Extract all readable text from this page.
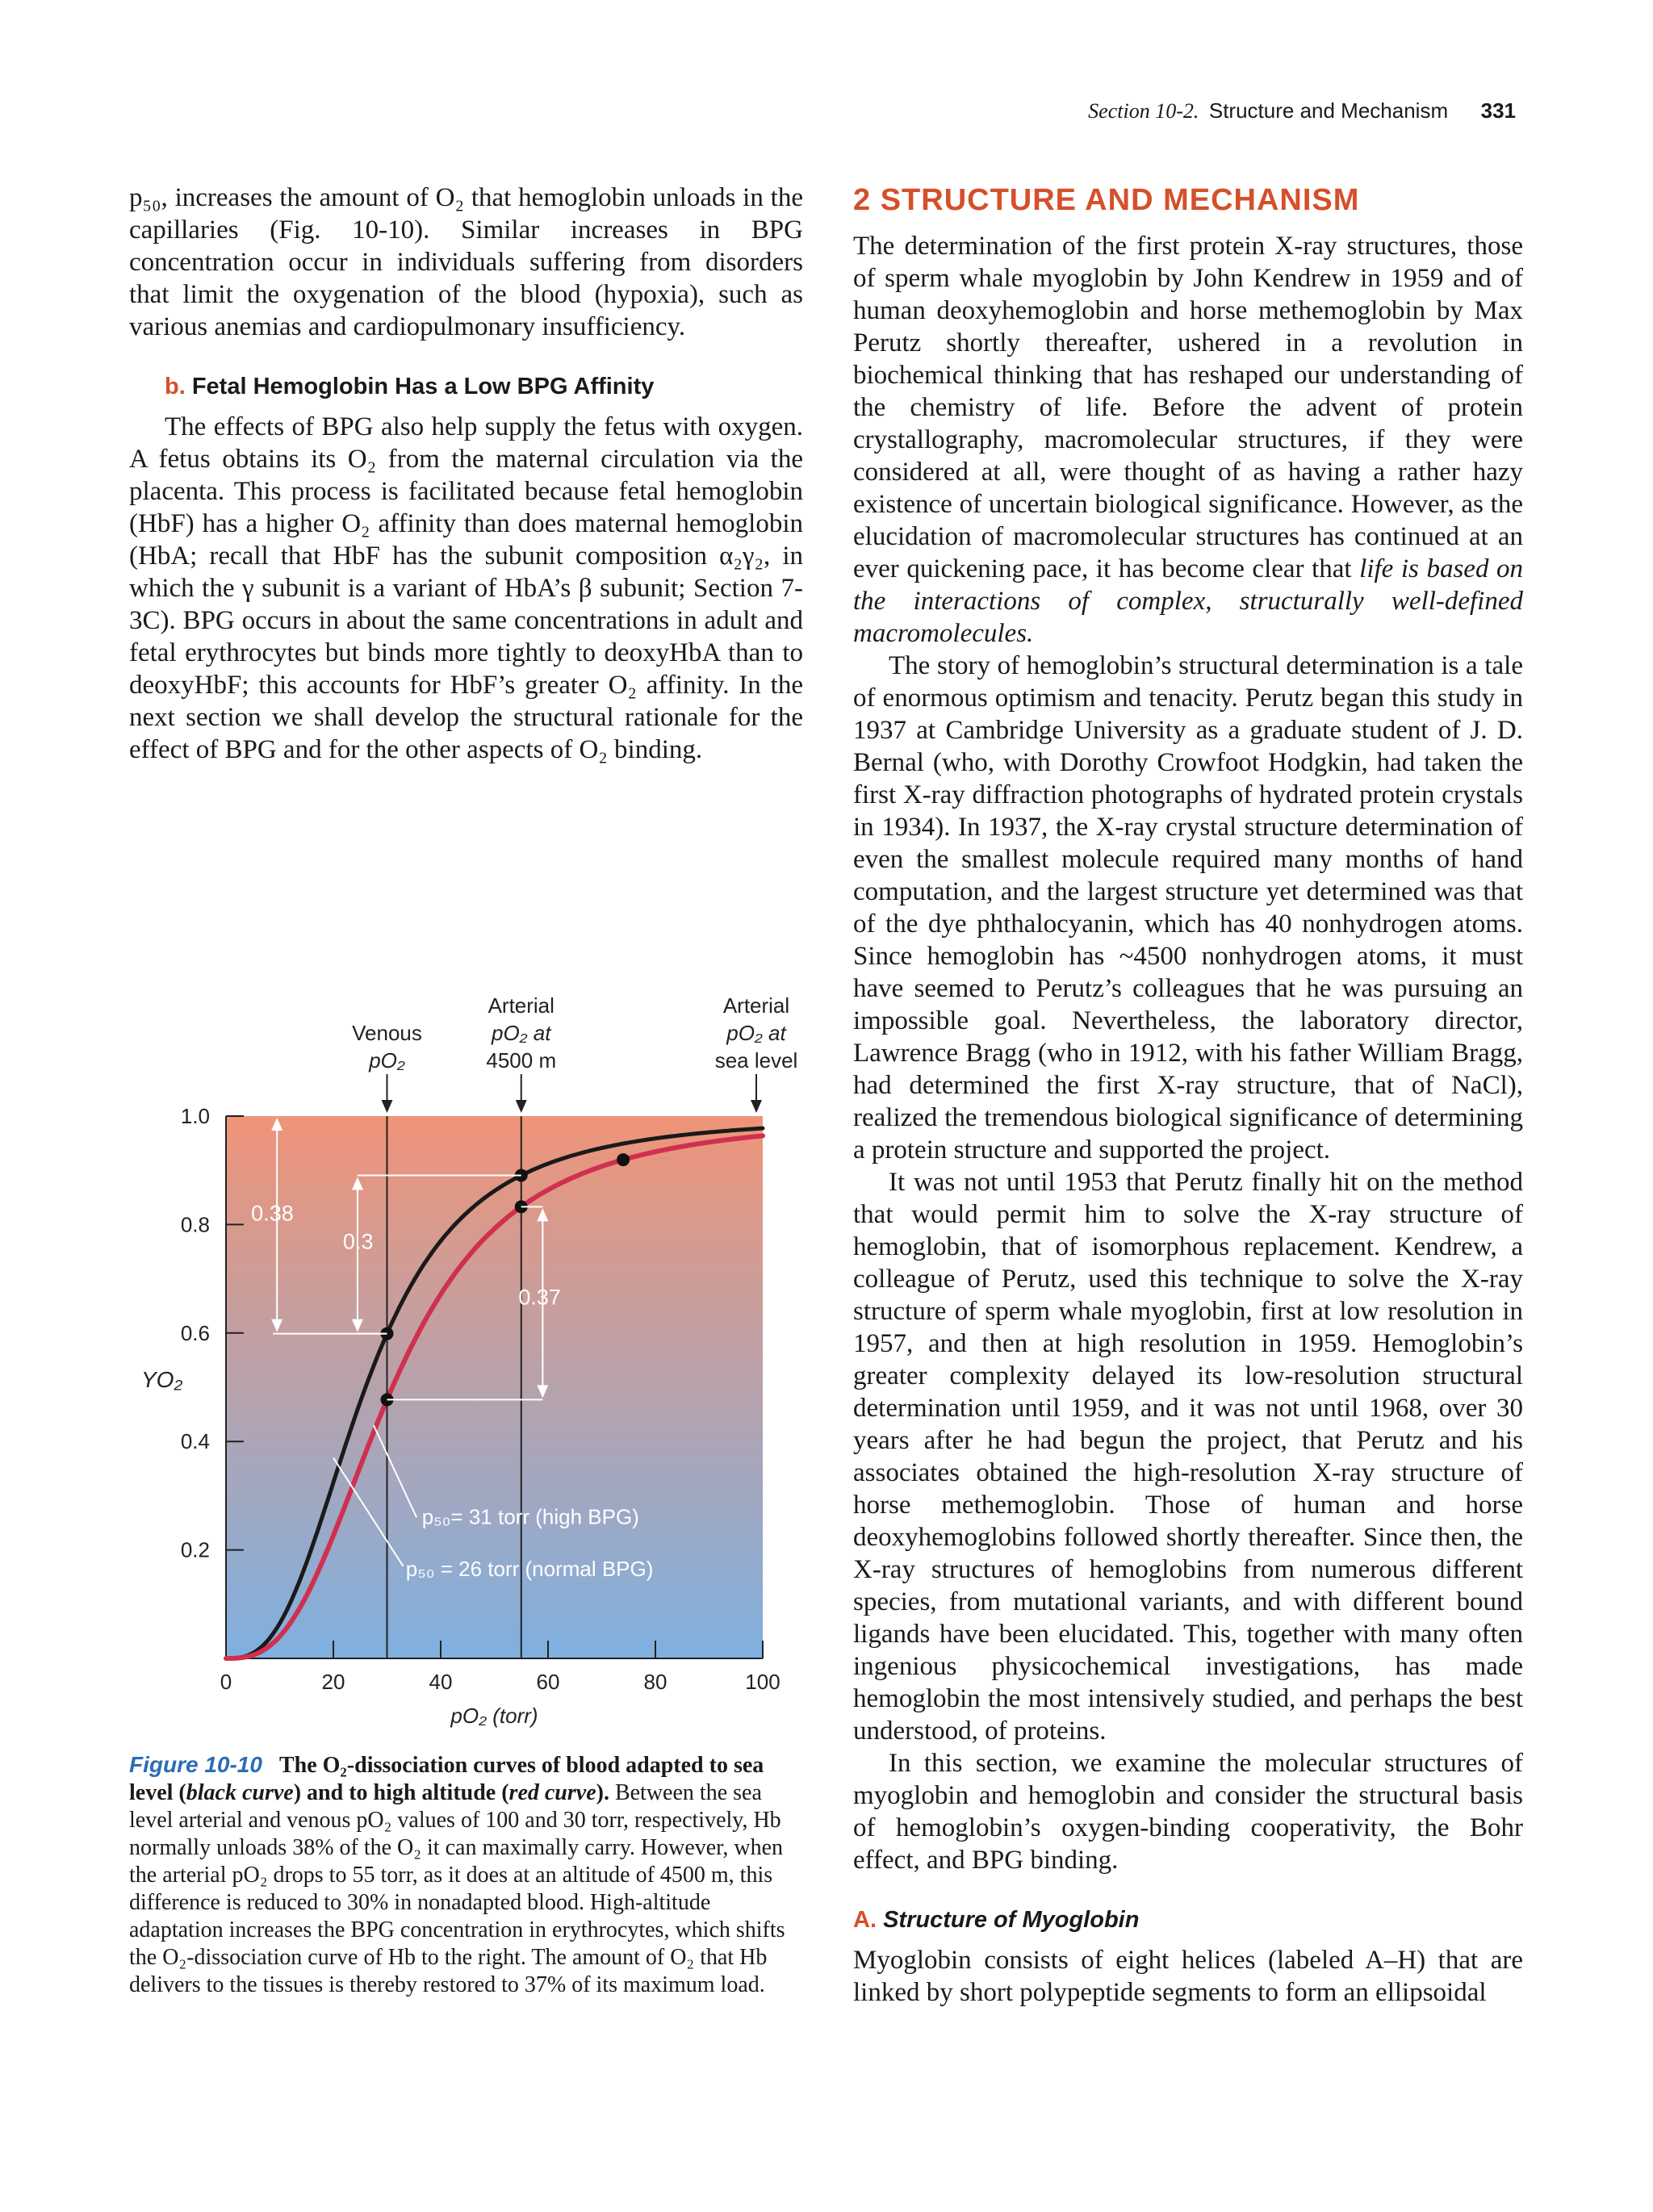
Section 10-2. Structure and Mechanism 331

p₅₀, increases the amount of O₂ that hemoglobin unloads in the capillaries (Fig. 10-10). Similar increases in BPG concentration occur in individuals suffering from disorders that limit the oxygenation of the blood (hypoxia), such as various anemias and cardiopulmonary insufficiency.

b. Fetal Hemoglobin Has a Low BPG Affinity

The effects of BPG also help supply the fetus with oxygen. A fetus obtains its O₂ from the maternal circulation via the placenta. This process is facilitated because fetal hemoglobin (HbF) has a higher O₂ affinity than does maternal hemoglobin (HbA; recall that HbF has the subunit composition α₂γ₂, in which the γ subunit is a variant of HbA’s β subunit; Section 7-3C). BPG occurs in about the same concentrations in adult and fetal erythrocytes but binds more tightly to deoxyHbA than to deoxyHbF; this accounts for HbF’s greater O₂ affinity. In the next section we shall develop the structural rationale for the effect of BPG and for the other aspects of O₂ binding.

0.2
0.4
0.6
0.8
1.0
0	20	40	60	80	100
pO₂ (torr)
YO₂
Venous
pO₂
Arterial
pO₂ at
4500 m
Arterial
pO₂ at
sea level
0.38
0.3
0.37
p₅₀= 31 torr (high BPG)
p₅₀ = 26 torr (normal BPG)
Figure 10-10 The O₂-dissociation curves of blood adapted to sea level (black curve) and to high altitude (red curve). Between the sea level arterial and venous pO₂ values of 100 and 30 torr, respectively, Hb normally unloads 38% of the O₂ it can maximally carry. However, when the arterial pO₂ drops to 55 torr, as it does at an altitude of 4500 m, this difference is reduced to 30% in nonadapted blood. High-altitude adaptation increases the BPG concentration in erythrocytes, which shifts the O₂-dissociation curve of Hb to the right. The amount of O₂ that Hb delivers to the tissues is thereby restored to 37% of its maximum load.
2 STRUCTURE AND MECHANISM

The determination of the first protein X-ray structures, those of sperm whale myoglobin by John Kendrew in 1959 and of human deoxyhemoglobin and horse methemoglobin by Max Perutz shortly thereafter, ushered in a revolution in biochemical thinking that has reshaped our understanding of the chemistry of life. Before the advent of protein crystallography, macromolecular structures, if they were considered at all, were thought of as having a rather hazy existence of uncertain biological significance. However, as the elucidation of macromolecular structures has continued at an ever quickening pace, it has become clear that life is based on the interactions of complex, structurally well-defined macromolecules.

The story of hemoglobin’s structural determination is a tale of enormous optimism and tenacity. Perutz began this study in 1937 at Cambridge University as a graduate student of J. D. Bernal (who, with Dorothy Crowfoot Hodgkin, had taken the first X-ray diffraction photographs of hydrated protein crystals in 1934). In 1937, the X-ray crystal structure determination of even the smallest molecule required many months of hand computation, and the largest structure yet determined was that of the dye phthalocyanin, which has 40 nonhydrogen atoms. Since hemoglobin has ~4500 nonhydrogen atoms, it must have seemed to Perutz’s colleagues that he was pursuing an impossible goal. Nevertheless, the laboratory director, Lawrence Bragg (who in 1912, with his father William Bragg, had determined the first X-ray structure, that of NaCl), realized the tremendous biological significance of determining a protein structure and supported the project.

It was not until 1953 that Perutz finally hit on the method that would permit him to solve the X-ray structure of hemoglobin, that of isomorphous replacement. Kendrew, a colleague of Perutz, used this technique to solve the X-ray structure of sperm whale myoglobin, first at low resolution in 1957, and then at high resolution in 1959. Hemoglobin’s greater complexity delayed its low-resolution structural determination until 1959, and it was not until 1968, over 30 years after he had begun the project, that Perutz and his associates obtained the high-resolution X-ray structure of horse methemoglobin. Those of human and horse deoxyhemoglobins followed shortly thereafter. Since then, the X-ray structures of hemoglobins from numerous different species, from mutational variants, and with different bound ligands have been elucidated. This, together with many often ingenious physicochemical investigations, has made hemoglobin the most intensively studied, and perhaps the best understood, of proteins.

In this section, we examine the molecular structures of myoglobin and hemoglobin and consider the structural basis of hemoglobin’s oxygen-binding cooperativity, the Bohr effect, and BPG binding.

A. Structure of Myoglobin

Myoglobin consists of eight helices (labeled A–H) that are linked by short polypeptide segments to form an ellipsoidal
